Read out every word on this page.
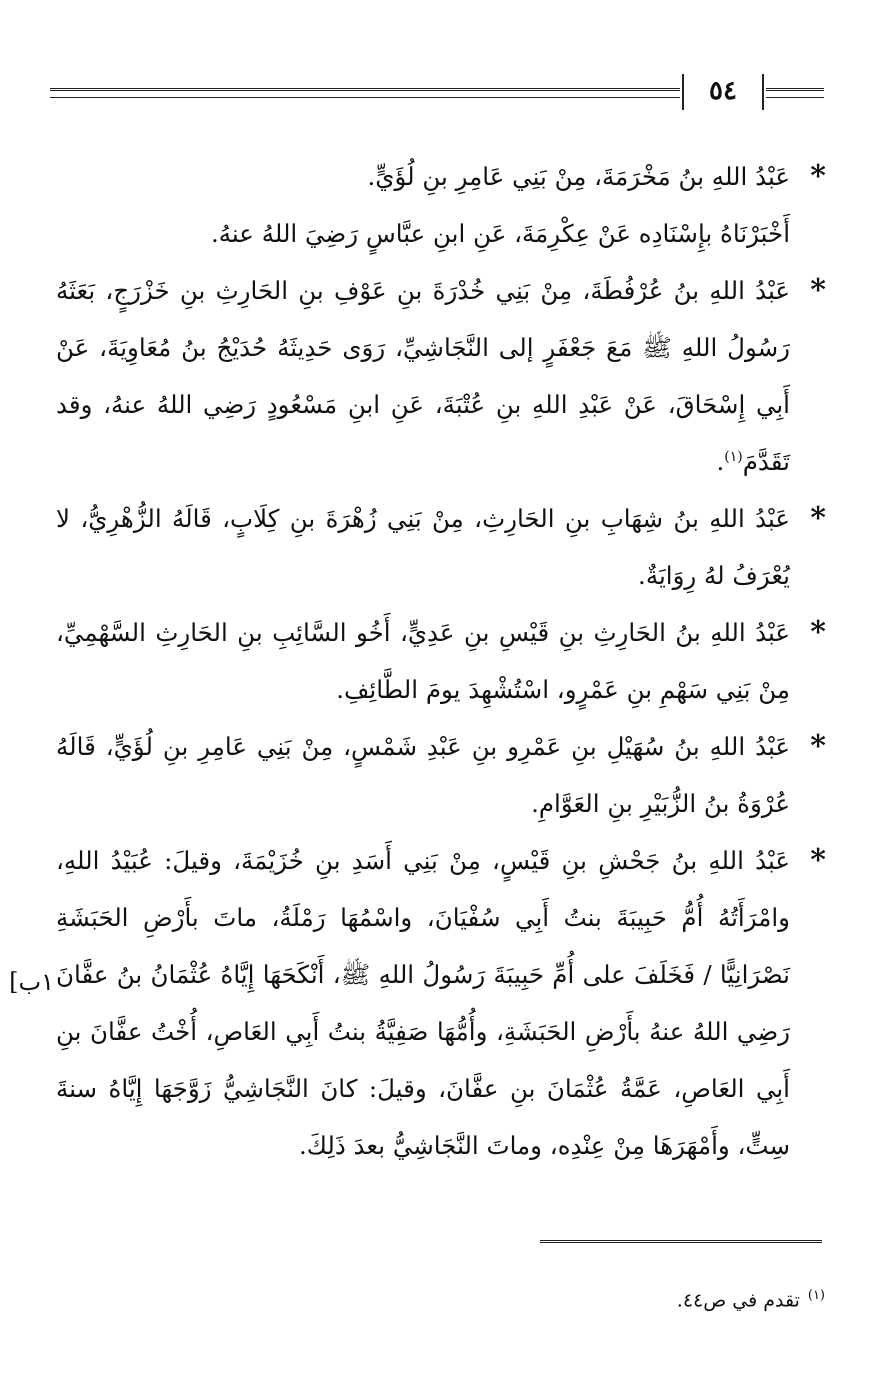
٥٤
١ب]

*
عَبْدُ اللهِ بنُ مَخْرَمَةَ، مِنْ بَنِي عَامِرِ بنِ لُؤَيٍّ.

أَخْبَرْنَاهُ بإِسْنَادِه عَنْ عِكْرِمَةَ، عَنِ ابنِ عبَّاسٍ رَضِيَ اللهُ عنهُ.

*
عَبْدُ اللهِ بنُ عُرْفُطَةَ، مِنْ بَنِي خُدْرَةَ بنِ عَوْفِ بنِ الحَارِثِ بنِ خَزْرَجٍ، بَعَثَهُ رَسُولُ اللهِ ﷺ مَعَ جَعْفَرٍ إلى النَّجَاشِيِّ، رَوَى حَدِيثَهُ حُدَيْجُ بنُ مُعَاوِيَةَ، عَنْ أَبِي إِسْحَاقَ، عَنْ عَبْدِ اللهِ بنِ عُتْبَةَ، عَنِ ابنِ مَسْعُودٍ رَضِي اللهُ عنهُ، وقد تَقَدَّمَ$^{(١)}$.

*
عَبْدُ اللهِ بنُ شِهَابِ بنِ الحَارِثِ، مِنْ بَنِي زُهْرَةَ بنِ كِلَابٍ، قَالَهُ الزُّهْرِيُّ، لا يُعْرَفُ لهُ رِوَايَةٌ.

*
عَبْدُ اللهِ بنُ الحَارِثِ بنِ قَيْسِ بنِ عَدِيٍّ، أَخُو السَّائِبِ بنِ الحَارِثِ السَّهْمِيِّ، مِنْ بَنِي سَهْمِ بنِ عَمْرٍو، اسْتُشْهِدَ يومَ الطَّائِفِ.

*
عَبْدُ اللهِ بنُ سُهَيْلِ بنِ عَمْرِو بنِ عَبْدِ شَمْسٍ، مِنْ بَنِي عَامِرِ بنِ لُؤَيٍّ، قَالَهُ عُرْوَةُ بنُ الزُّبَيْرِ بنِ العَوَّامِ.

*
عَبْدُ اللهِ بنُ جَحْشِ بنِ قَيْسٍ، مِنْ بَنِي أَسَدِ بنِ خُزَيْمَةَ، وقيلَ: عُبَيْدُ اللهِ، وامْرَأَتُهُ أُمُّ حَبِيبَةَ بنتُ أَبِي سُفْيَانَ، واسْمُهَا رَمْلَةُ، ماتَ بأَرْضِ الحَبَشَةِ نَصْرَانِيًّا / فَخَلَفَ على أُمِّ حَبِيبَةَ رَسُولُ اللهِ ﷺ، أَنْكَحَهَا إِيَّاهُ عُثْمَانُ بنُ عفَّانَ رَضِي اللهُ عنهُ بأَرْضِ الحَبَشَةِ، وأُمُّهَا صَفِيَّةُ بنتُ أَبِي العَاصِ، أُخْتُ عفَّانَ بنِ أَبِي العَاصِ، عَمَّةُ عُثْمَانَ بنِ عفَّانَ، وقيلَ: كانَ النَّجَاشِيُّ زَوَّجَهَا إِيَّاهُ سنةَ سِتٍّ، وأَمْهَرَهَا مِنْ عِنْدِه، وماتَ النَّجَاشِيُّ بعدَ ذَلِكَ.

$^{(١)}$تقدم في ص٤٤.
